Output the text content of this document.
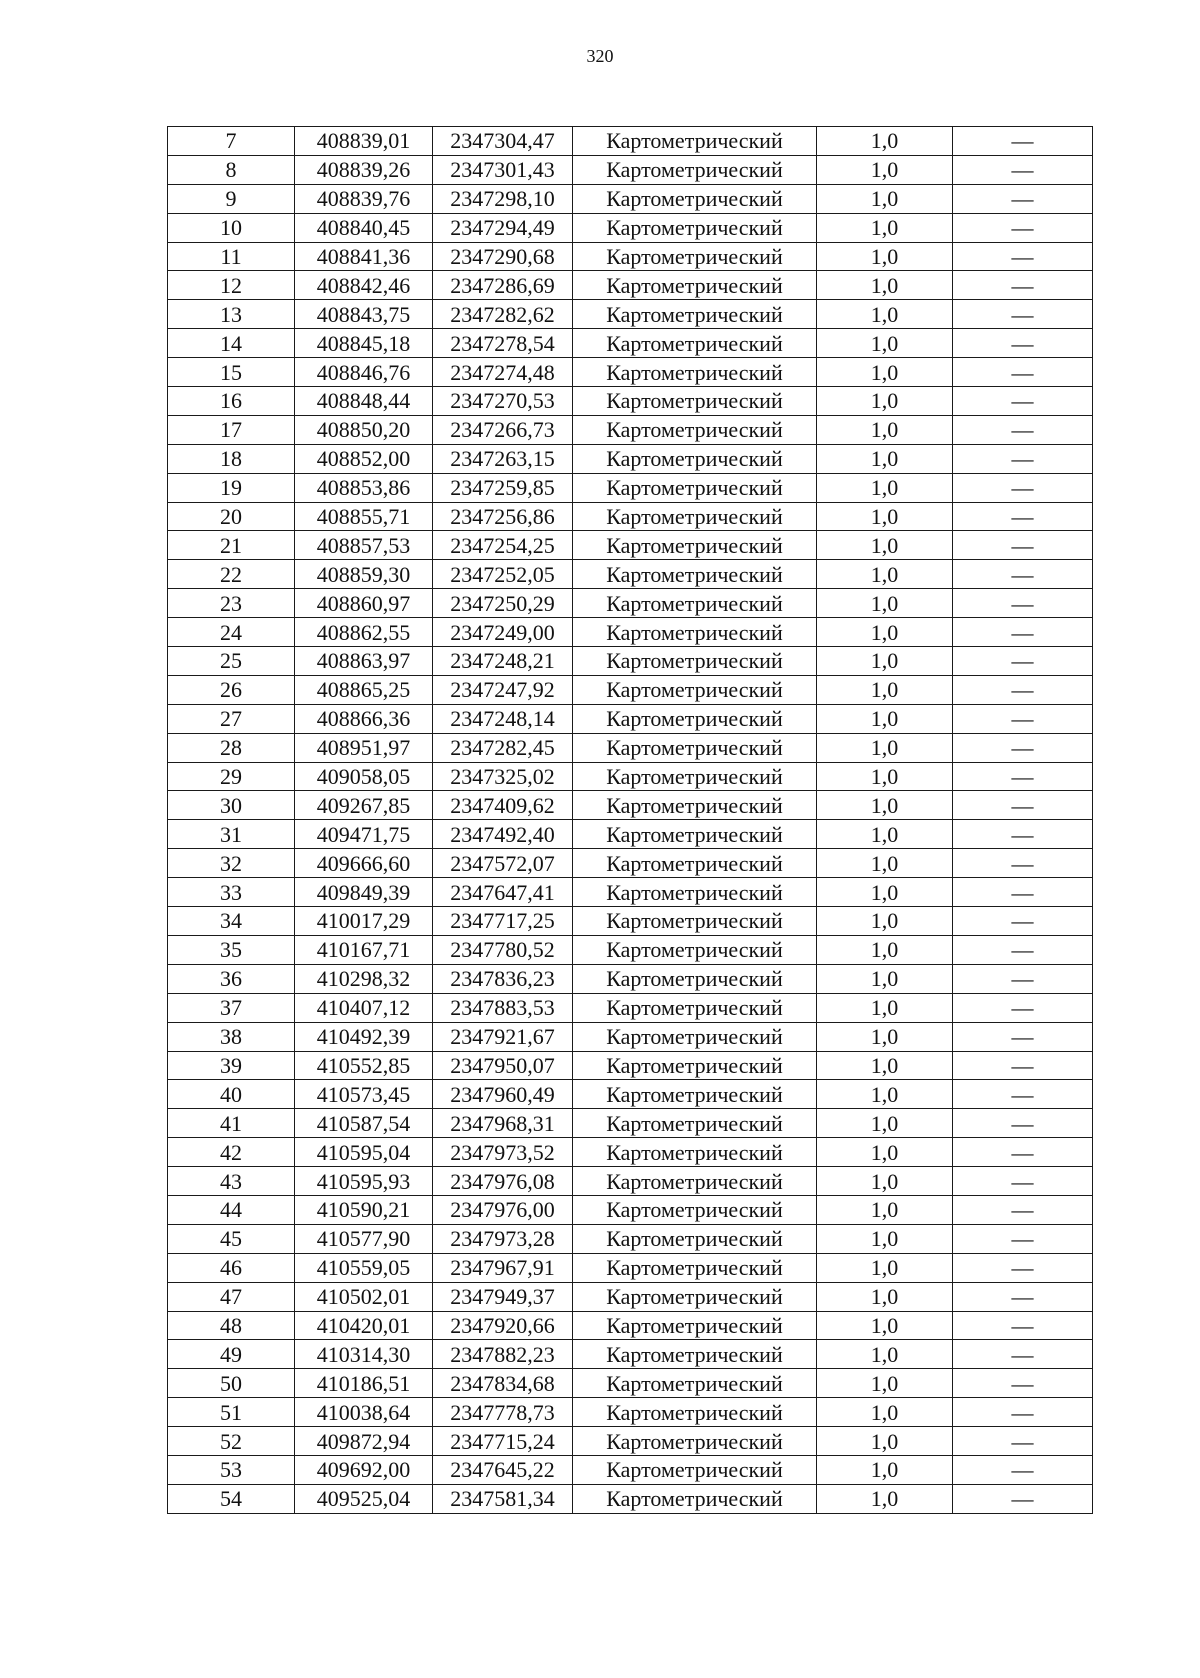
320
7	408839,01	2347304,47	Картометрический	1,0	—
8	408839,26	2347301,43	Картометрический	1,0	—
9	408839,76	2347298,10	Картометрический	1,0	—
10	408840,45	2347294,49	Картометрический	1,0	—
11	408841,36	2347290,68	Картометрический	1,0	—
12	408842,46	2347286,69	Картометрический	1,0	—
13	408843,75	2347282,62	Картометрический	1,0	—
14	408845,18	2347278,54	Картометрический	1,0	—
15	408846,76	2347274,48	Картометрический	1,0	—
16	408848,44	2347270,53	Картометрический	1,0	—
17	408850,20	2347266,73	Картометрический	1,0	—
18	408852,00	2347263,15	Картометрический	1,0	—
19	408853,86	2347259,85	Картометрический	1,0	—
20	408855,71	2347256,86	Картометрический	1,0	—
21	408857,53	2347254,25	Картометрический	1,0	—
22	408859,30	2347252,05	Картометрический	1,0	—
23	408860,97	2347250,29	Картометрический	1,0	—
24	408862,55	2347249,00	Картометрический	1,0	—
25	408863,97	2347248,21	Картометрический	1,0	—
26	408865,25	2347247,92	Картометрический	1,0	—
27	408866,36	2347248,14	Картометрический	1,0	—
28	408951,97	2347282,45	Картометрический	1,0	—
29	409058,05	2347325,02	Картометрический	1,0	—
30	409267,85	2347409,62	Картометрический	1,0	—
31	409471,75	2347492,40	Картометрический	1,0	—
32	409666,60	2347572,07	Картометрический	1,0	—
33	409849,39	2347647,41	Картометрический	1,0	—
34	410017,29	2347717,25	Картометрический	1,0	—
35	410167,71	2347780,52	Картометрический	1,0	—
36	410298,32	2347836,23	Картометрический	1,0	—
37	410407,12	2347883,53	Картометрический	1,0	—
38	410492,39	2347921,67	Картометрический	1,0	—
39	410552,85	2347950,07	Картометрический	1,0	—
40	410573,45	2347960,49	Картометрический	1,0	—
41	410587,54	2347968,31	Картометрический	1,0	—
42	410595,04	2347973,52	Картометрический	1,0	—
43	410595,93	2347976,08	Картометрический	1,0	—
44	410590,21	2347976,00	Картометрический	1,0	—
45	410577,90	2347973,28	Картометрический	1,0	—
46	410559,05	2347967,91	Картометрический	1,0	—
47	410502,01	2347949,37	Картометрический	1,0	—
48	410420,01	2347920,66	Картометрический	1,0	—
49	410314,30	2347882,23	Картометрический	1,0	—
50	410186,51	2347834,68	Картометрический	1,0	—
51	410038,64	2347778,73	Картометрический	1,0	—
52	409872,94	2347715,24	Картометрический	1,0	—
53	409692,00	2347645,22	Картометрический	1,0	—
54	409525,04	2347581,34	Картометрический	1,0	—
